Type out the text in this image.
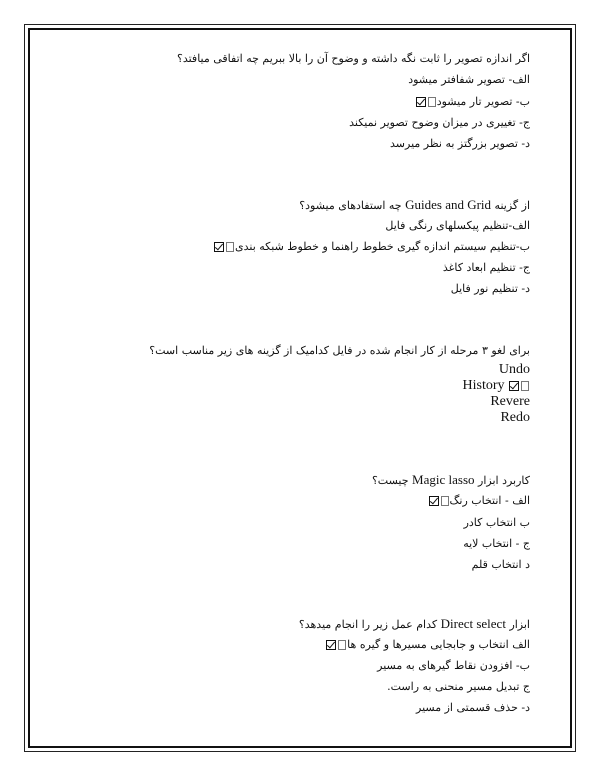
اگر اندازه تصویر را ثابت نگه داشته و وضوح آن را بالا ببریم چه اتفاقی میافتد؟
الف- تصویر شفافتر میشود
ب- تصویر تار میشود
ج- تغییری در میزان وضوح تصویر نمیکند
د- تصویر بزرگتز به نظر میرسد
از گزینه Guides and Grid چه استفادهای میشود؟
الف-تنظیم پیکسلهای رنگی فایل
ب-تنظیم سیستم اندازه گیری خطوط راهنما و خطوط شبکه بندی
ج- تنظیم ابعاد کاغذ
د- تنظیم نور فایل
برای لغو ۳ مرحله از کار انجام شده در فایل کدامیک از گزینه های زیر مناسب است؟
Undo
History
Revere
Redo
کاربرد ابزار Magic lasso چیست؟
الف - انتخاب رنگ
ب انتخاب کادر
ج - انتخاب لایه
د انتخاب قلم
ابزار Direct select کدام عمل زیر را انجام میدهد؟
الف انتخاب و جابجایی مسیرها و گیره ها
ب- افزودن نقاط گیرهای به مسیر
ج تبدیل مسیر منحنی به راست.
د- حذف قسمتی از مسیر
